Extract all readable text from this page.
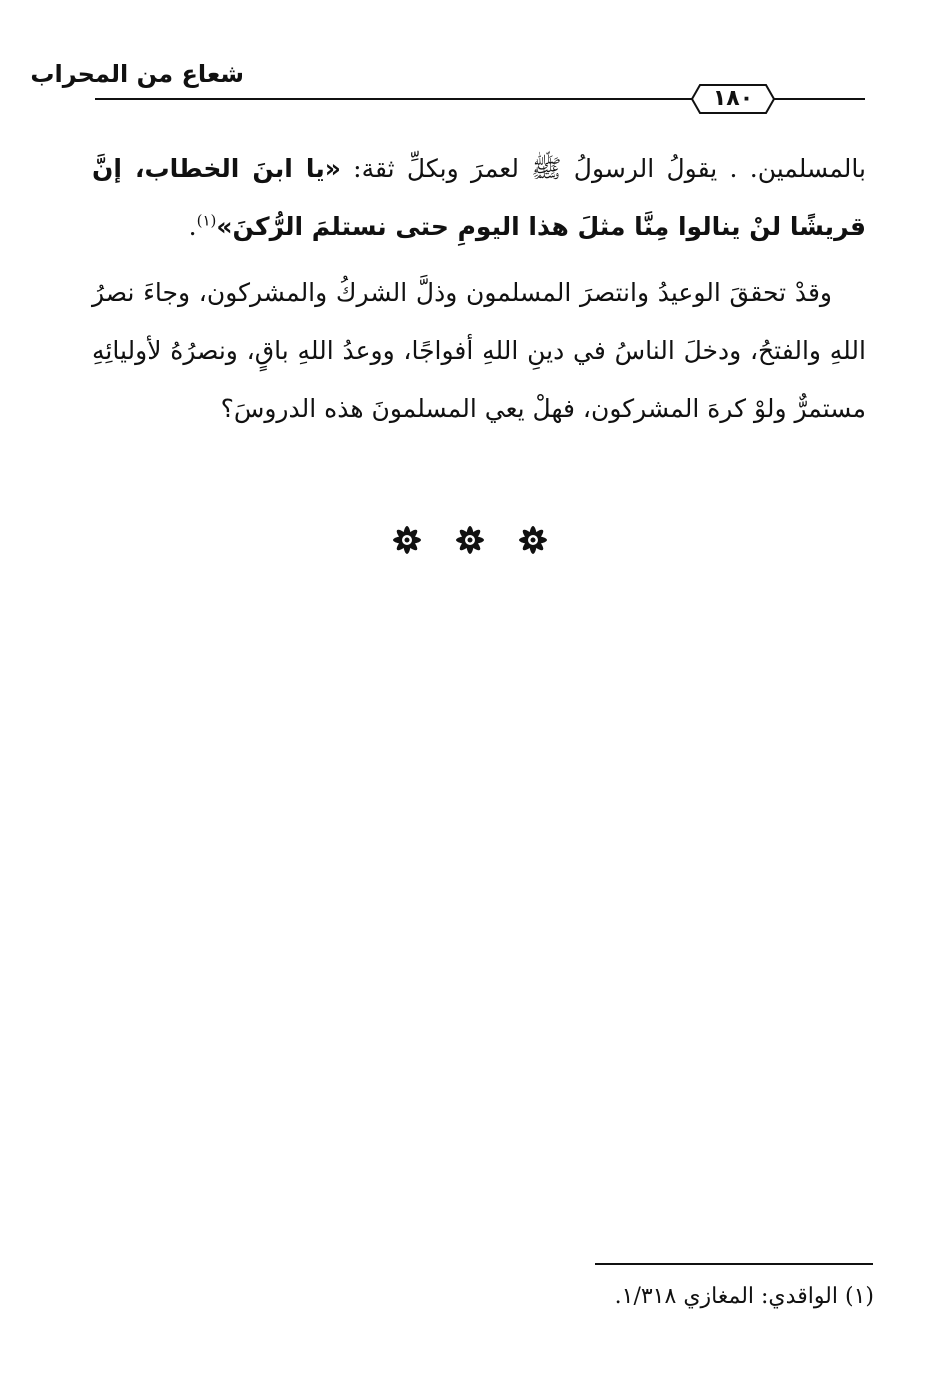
شعاع من المحراب
١٨٠

بالمسلمين. . يقولُ الرسولُ ﷺ لعمرَ وبكلِّ ثقة: «يا ابنَ الخطاب، إنَّ قريشًا لنْ ينالوا مِنَّا مثلَ هذا اليومِ حتى نستلمَ الرُّكنَ»$^{(١)}$.

وقدْ تحققَ الوعيدُ وانتصرَ المسلمون وذلَّ الشركُ والمشركون، وجاءَ نصرُ اللهِ والفتحُ، ودخلَ الناسُ في دينِ اللهِ أفواجًا، ووعدُ اللهِ باقٍ، ونصرُهُ لأوليائِهِ مستمرٌّ ولوْ كرهَ المشركون، فهلْ يعي المسلمونَ هذه الدروسَ؟

(١) الواقدي: المغازي ١/٣١٨.
